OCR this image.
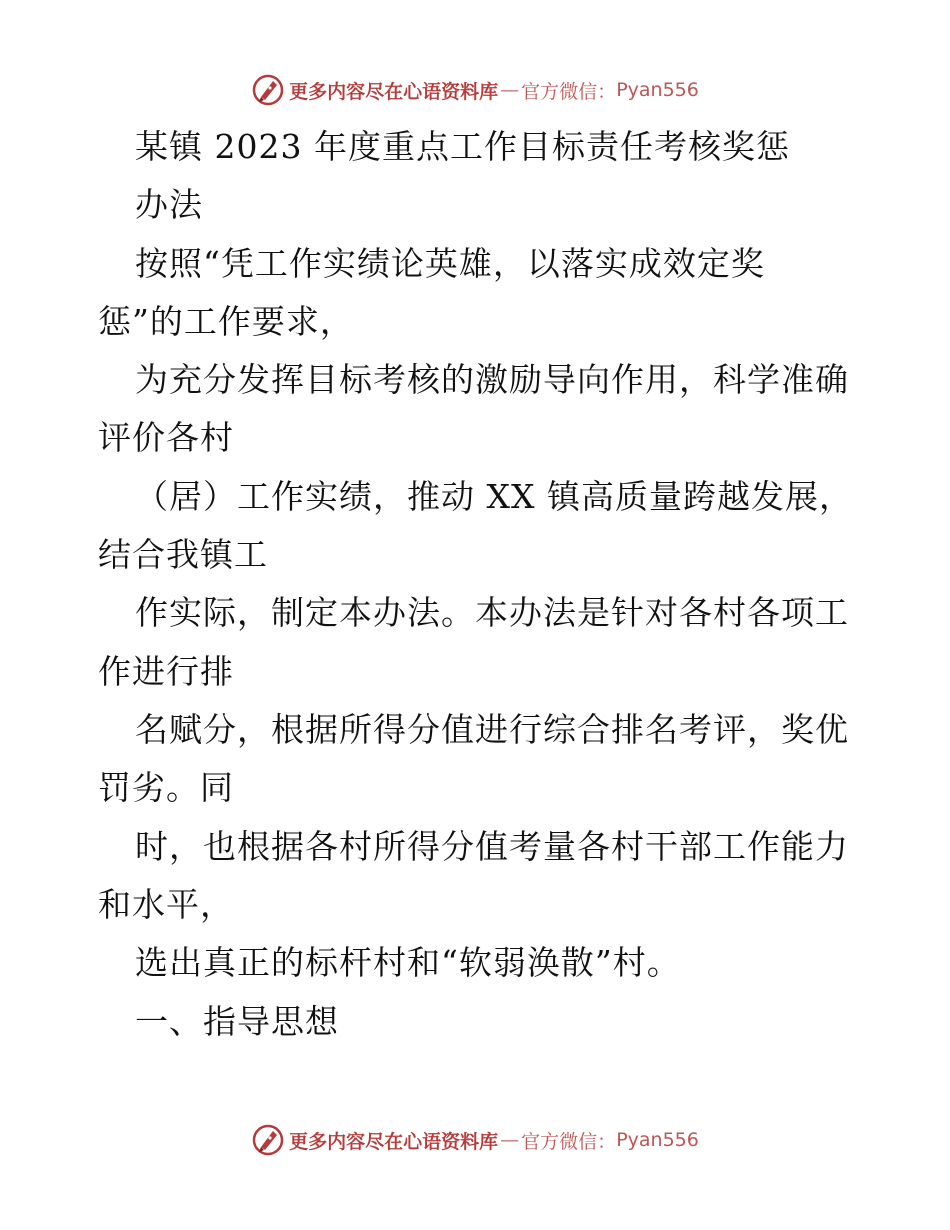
更多内容尽在心语资料库 — 官方微信： Pyan556
某镇 2023 年度重点工作目标责任考核奖惩
办法
按照“凭工作实绩论英雄，以落实成效定奖
惩”的工作要求，
为充分发挥目标考核的激励导向作用，科学准确
评价各村
（居）工作实绩，推动 XX 镇高质量跨越发展，
结合我镇工
作实际，制定本办法。本办法是针对各村各项工
作进行排
名赋分，根据所得分值进行综合排名考评，奖优
罚劣。同
时，也根据各村所得分值考量各村干部工作能力
和水平，
选出真正的标杆村和“软弱涣散”村。
一、指导思想
更多内容尽在心语资料库 — 官方微信： Pyan556
